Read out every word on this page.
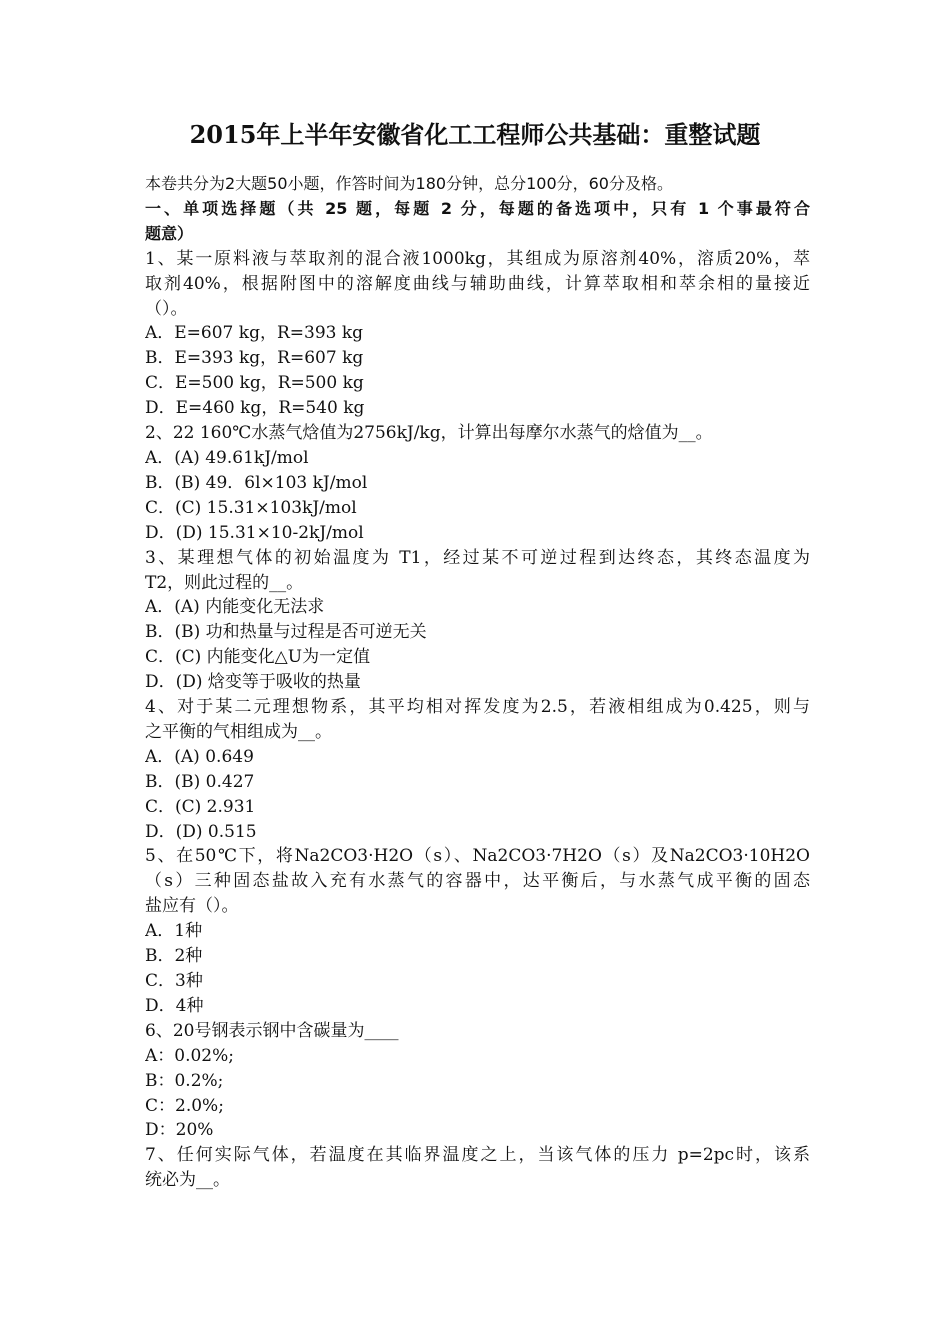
2015年上半年安徽省化工工程师公共基础：重整试题
本卷共分为2大题50小题，作答时间为180分钟，总分100分，60分及格。
一、单项选择题（共 25 题，每题 2 分，每题的备选项中，只有 1 个事最符合
题意）
1、某一原料液与萃取剂的混合液1000kg，其组成为原溶剂40%，溶质20%，萃
取剂40%，根据附图中的溶解度曲线与辅助曲线，计算萃取相和萃余相的量接近
（）。
A．E=607 kg，R=393 kg
B．E=393 kg，R=607 kg
C．E=500 kg，R=500 kg
D．E=460 kg，R=540 kg
2、22 160℃水蒸气焓值为2756kJ/kg，计算出每摩尔水蒸气的焓值为__。
A．(A) 49.61kJ/mol
B．(B) 49．6l×103 kJ/mol
C．(C) 15.31×103kJ/mol
D．(D) 15.31×10-2kJ/mol
3、某理想气体的初始温度为 T1，经过某不可逆过程到达终态，其终态温度为
T2，则此过程的__。
A．(A) 内能变化无法求
B．(B) 功和热量与过程是否可逆无关
C．(C) 内能变化△U为一定值
D．(D) 焓变等于吸收的热量
4、对于某二元理想物系，其平均相对挥发度为2.5，若液相组成为0.425，则与
之平衡的气相组成为__。
A．(A) 0.649
B．(B) 0.427
C．(C) 2.931
D．(D) 0.515
5、在50℃下，将Na2CO3·H2O（s）、Na2CO3·7H2O（s）及Na2CO3·10H2O
（s）三种固态盐故入充有水蒸气的容器中，达平衡后，与水蒸气成平衡的固态
盐应有（）。
A．1种
B．2种
C．3种
D．4种
6、20号钢表示钢中含碳量为____
A：0.02%;
B：0.2%;
C：2.0%;
D：20%
7、任何实际气体，若温度在其临界温度之上，当该气体的压力 p=2pc时，该系
统必为__。
